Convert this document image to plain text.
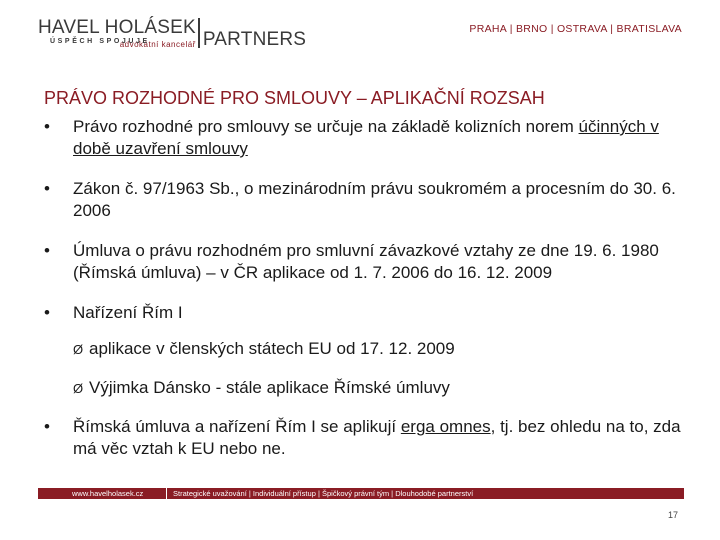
HAVEL HOLÁSEK
advokátní kancelář PARTNERS
ÚSPĚCH SPOJUJE
PRAHA | BRNO | OSTRAVA | BRATISLAVA
PRÁVO ROZHODNÉ PRO SMLOUVY – APLIKAČNÍ ROZSAH
•	Právo rozhodné pro smlouvy se určuje na základě kolizních norem účinných v době uzavření smlouvy
•	Zákon č. 97/1963 Sb., o mezinárodním právu soukromém a procesním do 30. 6. 2006
•	Úmluva o právu rozhodném pro smluvní závazkové vztahy ze dne 19. 6. 1980 (Římská úmluva) – v ČR aplikace od 1. 7. 2006 do 16. 12. 2009
•	Nařízení Řím I
Ø aplikace v členských státech EU od 17. 12. 2009
Ø Výjimka Dánsko - stále aplikace Římské úmluvy
•	Římská úmluva a nařízení Řím I se aplikují erga omnes, tj. bez ohledu na to, zda má věc vztah k EU nebo ne.
www.havelholasek.cz	Strategické uvažování | Individuální přístup | Špičkový právní tým | Dlouhodobé partnerství
17
